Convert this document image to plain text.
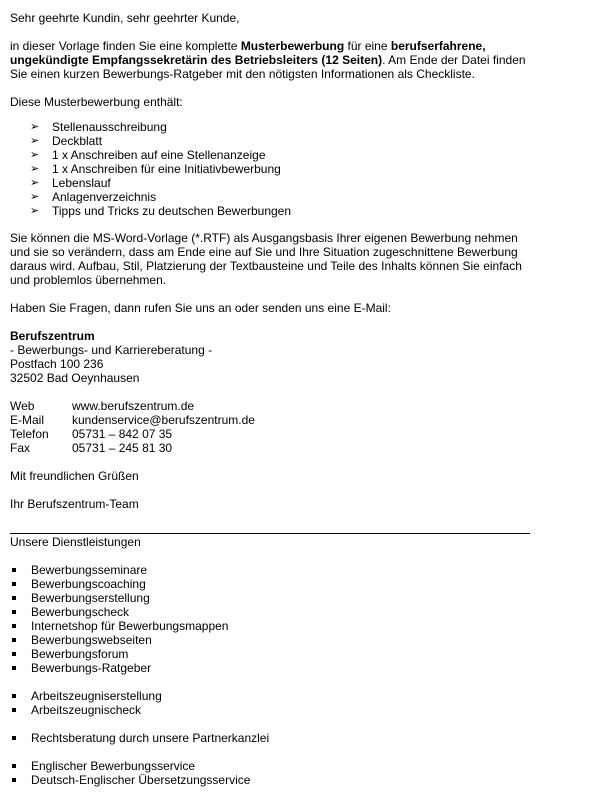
Sehr geehrte Kundin, sehr geehrter Kunde,

in dieser Vorlage finden Sie eine komplette Musterbewerbung für eine berufserfahrene, ungekündigte Empfangssekretärin des Betriebsleiters (12 Seiten). Am Ende der Datei finden Sie einen kurzen Bewerbungs-Ratgeber mit den nötigsten Informationen als Checkliste.

Diese Musterbewerbung enthält:

➢ Stellenausschreibung
➢ Deckblatt
➢ 1 x Anschreiben auf eine Stellenanzeige
➢ 1 x Anschreiben für eine Initiativbewerbung
➢ Lebenslauf
➢ Anlagenverzeichnis
➢ Tipps und Tricks zu deutschen Bewerbungen

Sie können die MS-Word-Vorlage (*.RTF) als Ausgangsbasis Ihrer eigenen Bewerbung nehmen und sie so verändern, dass am Ende eine auf Sie und Ihre Situation zugeschnittene Bewerbung daraus wird. Aufbau, Stil, Platzierung der Textbausteine und Teile des Inhalts können Sie einfach und problemlos übernehmen.

Haben Sie Fragen, dann rufen Sie uns an oder senden uns eine E-Mail:

Berufszentrum

- Bewerbungs- und Karriereberatung -

Postfach 100 236

32502 Bad Oeynhausen

Web	www.berufszentrum.de
E-Mail	kundenservice@berufszentrum.de
Telefon	05731 – 842 07 35
Fax	05731 – 245 81 30

Mit freundlichen Grüßen

Ihr Berufszentrum-Team

Unsere Dienstleistungen

Bewerbungsseminare
Bewerbungscoaching
Bewerbungserstellung
Bewerbungscheck
Internetshop für Bewerbungsmappen
Bewerbungswebseiten
Bewerbungsforum
Bewerbungs-Ratgeber
Arbeitszeugniserstellung
Arbeitszeugnischeck
Rechtsberatung durch unsere Partnerkanzlei
Englischer Bewerbungsservice
Deutsch-Englischer Übersetzungsservice
